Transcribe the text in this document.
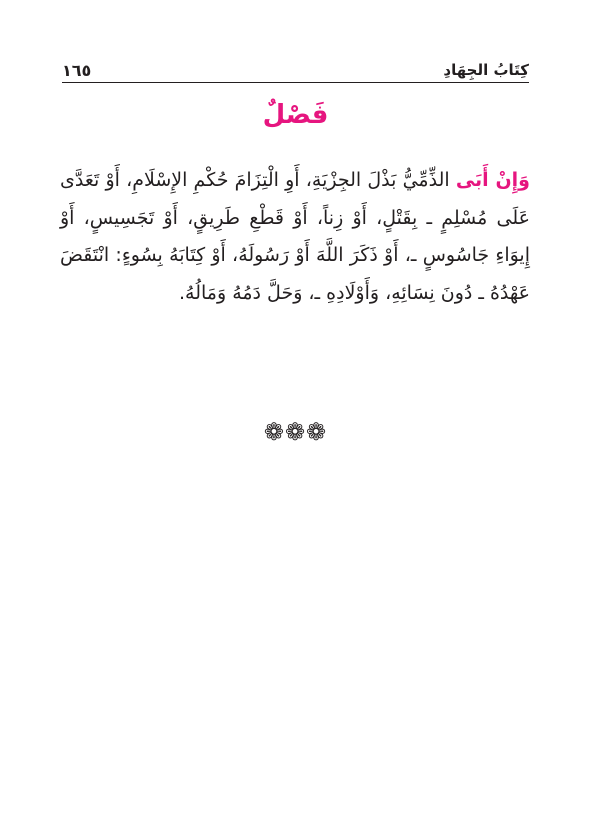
١٦٥	كِتَابُ الجِهَادِ
فَصْلٌ

وَإِنْ أَبَى الذِّمِّيُّ بَذْلَ الجِزْيَةِ، أَوِ الْتِزَامَ حُكْمِ الإِسْلَامِ، أَوْ تَعَدَّى عَلَى مُسْلِمٍ ـ بِقَتْلٍ، أَوْ زِناً، أَوْ قَطْعِ طَرِيقٍ، أَوْ تَجَسِيسٍ، أَوْ إِيوَاءِ جَاسُوسٍ ـ، أَوْ ذَكَرَ اللَّهَ أَوْ رَسُولَهُ، أَوْ كِتَابَهُ بِسُوءٍ: انْتَقَضَ عَهْدُهُ ـ دُونَ نِسَائِهِ، وَأَوْلَادِهِ ـ، وَحَلَّ دَمُهُ وَمَالُهُ.

❁❁❁
